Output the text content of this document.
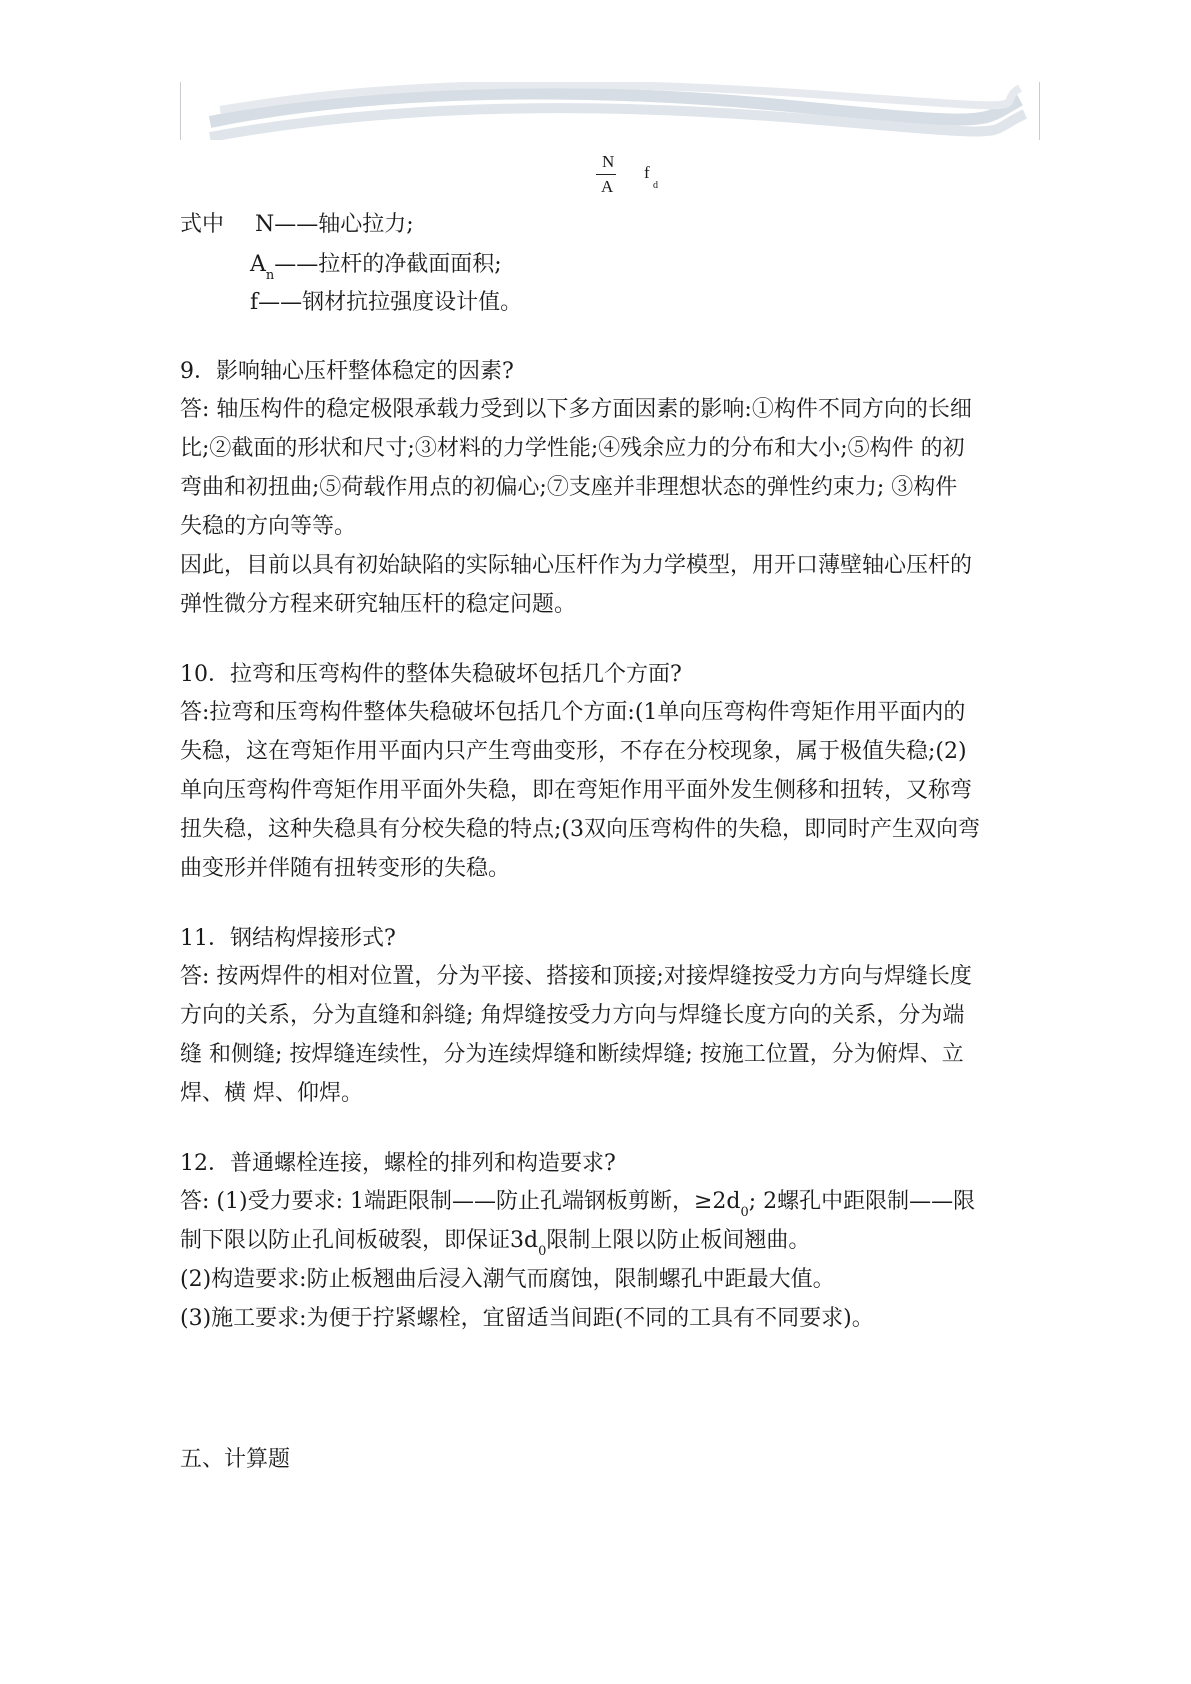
N
A
f
d
式中 N——轴心拉力;
$A_n——$拉杆的净截面面积;
f——钢材抗拉强度设计值。
9．影响轴心压杆整体稳定的因素?
答: 轴压构件的稳定极限承载力受到以下多方面因素的影响:①构件不同方向的长细
比;②截面的形状和尺寸;③材料的力学性能;④残余应力的分布和大小;⑤构件 的初
弯曲和初扭曲;⑤荷载作用点的初偏心;⑦支座并非理想状态的弹性约束力; ③构件
失稳的方向等等。
因此，目前以具有初始缺陷的实际轴心压杆作为力学模型，用开口薄壁轴心压杆的
弹性微分方程来研究轴压杆的稳定问题。
10．拉弯和压弯构件的整体失稳破坏包括几个方面?
答:拉弯和压弯构件整体失稳破坏包括几个方面:(1单向压弯构件弯矩作用平面内的
失稳，这在弯矩作用平面内只产生弯曲变形，不存在分校现象，属于极值失稳;(2)
单向压弯构件弯矩作用平面外失稳，即在弯矩作用平面外发生侧移和扭转，又称弯
扭失稳，这种失稳具有分校失稳的特点;(3双向压弯构件的失稳，即同时产生双向弯
曲变形并伴随有扭转变形的失稳。
11．钢结构焊接形式?
答: 按两焊件的相对位置，分为平接、搭接和顶接;对接焊缝按受力方向与焊缝长度
方向的关系，分为直缝和斜缝; 角焊缝按受力方向与焊缝长度方向的关系，分为端
缝 和侧缝; 按焊缝连续性，分为连续焊缝和断续焊缝; 按施工位置，分为俯焊、立
焊、横 焊、仰焊。
12．普通螺栓连接，螺栓的排列和构造要求?
答: (1)受力要求: 1端距限制——防止孔端钢板剪断，$\ge 2d_0$; 2螺孔中距限制——限
制下限以防止孔间板破裂，即保证$3d_0$限制上限以防止板间翘曲。
(2)构造要求:防止板翘曲后浸入潮气而腐蚀，限制螺孔中距最大值。
(3)施工要求:为便于拧紧螺栓，宜留适当间距(不同的工具有不同要求)。
五、计算题
